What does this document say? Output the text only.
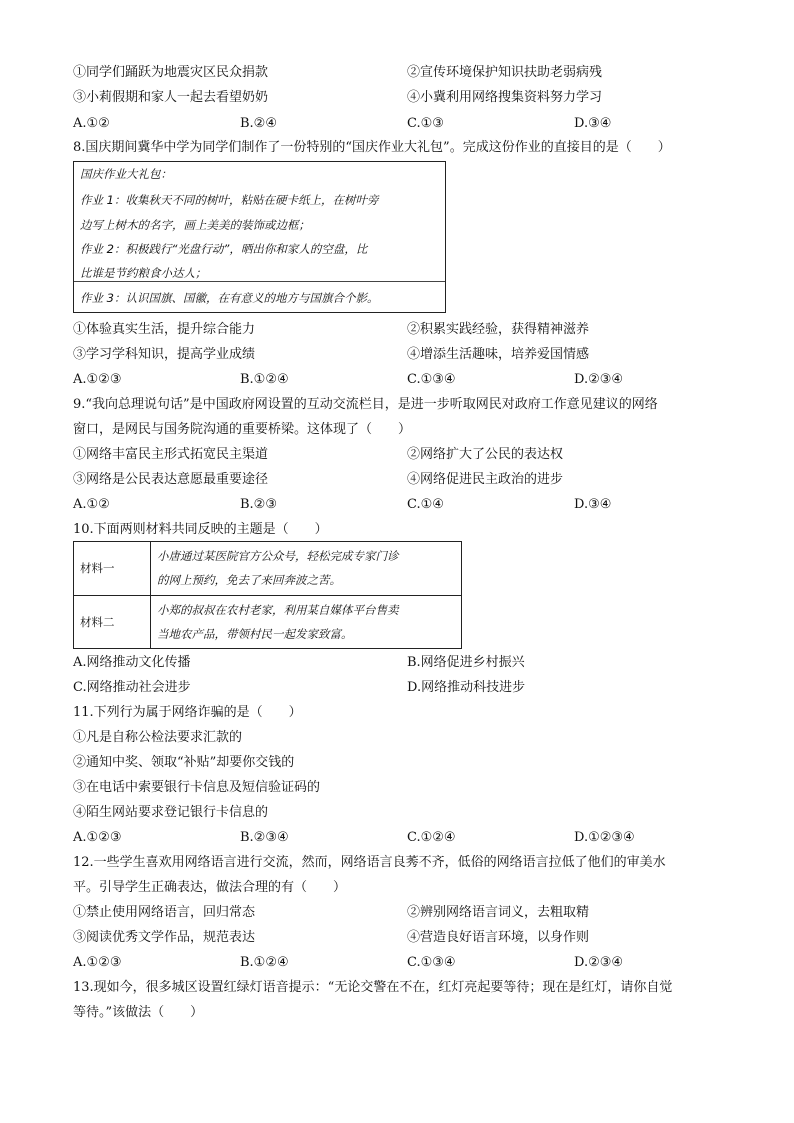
①同学们踊跃为地震灾区民众捐款	②宣传环境保护知识扶助老弱病残
③小莉假期和家人一起去看望奶奶	④小冀利用网络搜集资料努力学习
A.①②	B.②④	C.①③	D.③④
8.国庆期间冀华中学为同学们制作了一份特别的“国庆作业大礼包”。完成这份作业的直接目的是（　　）
国庆作业大礼包：
作业 1：收集秋天不同的树叶，粘贴在硬卡纸上，在树叶旁
边写上树木的名字，画上美美的装饰或边框；
作业 2：积极践行“光盘行动”，晒出你和家人的空盘，比
比谁是节约粮食小达人；
作业 3：认识国旗、国徽，在有意义的地方与国旗合个影。
①体验真实生活，提升综合能力	②积累实践经验，获得精神滋养
③学习学科知识，提高学业成绩	④增添生活趣味，培养爱国情感
A.①②③	B.①②④	C.①③④	D.②③④
9.“我向总理说句话”是中国政府网设置的互动交流栏目，是进一步听取网民对政府工作意见建议的网络
窗口，是网民与国务院沟通的重要桥梁。这体现了（　　）
①网络丰富民主形式拓宽民主渠道	②网络扩大了公民的表达权
③网络是公民表达意愿最重要途径	④网络促进民主政治的进步
A.①②	B.②③	C.①④	D.③④
10.下面两则材料共同反映的主题是（　　）
材料一	小唐通过某医院官方公众号，轻松完成专家门诊
的网上预约，免去了来回奔波之苦。

材料二	小郑的叔叔在农村老家，利用某自媒体平台售卖
当地农产品，带领村民一起发家致富。
A.网络推动文化传播	B.网络促进乡村振兴
C.网络推动社会进步	D.网络推动科技进步
11.下列行为属于网络诈骗的是（　　）
①凡是自称公检法要求汇款的
②通知中奖、领取“补贴”却要你交钱的
③在电话中索要银行卡信息及短信验证码的
④陌生网站要求登记银行卡信息的
A.①②③	B.②③④	C.①②④	D.①②③④
12.一些学生喜欢用网络语言进行交流，然而，网络语言良莠不齐，低俗的网络语言拉低了他们的审美水
平。引导学生正确表达，做法合理的有（　　）
①禁止使用网络语言，回归常态	②辨别网络语言词义，去粗取精
③阅读优秀文学作品，规范表达	④营造良好语言环境，以身作则
A.①②③	B.①②④	C.①③④	D.②③④
13.现如今，很多城区设置红绿灯语音提示：“无论交警在不在，红灯亮起要等待；现在是红灯，请你自觉
等待。”该做法（　　）
